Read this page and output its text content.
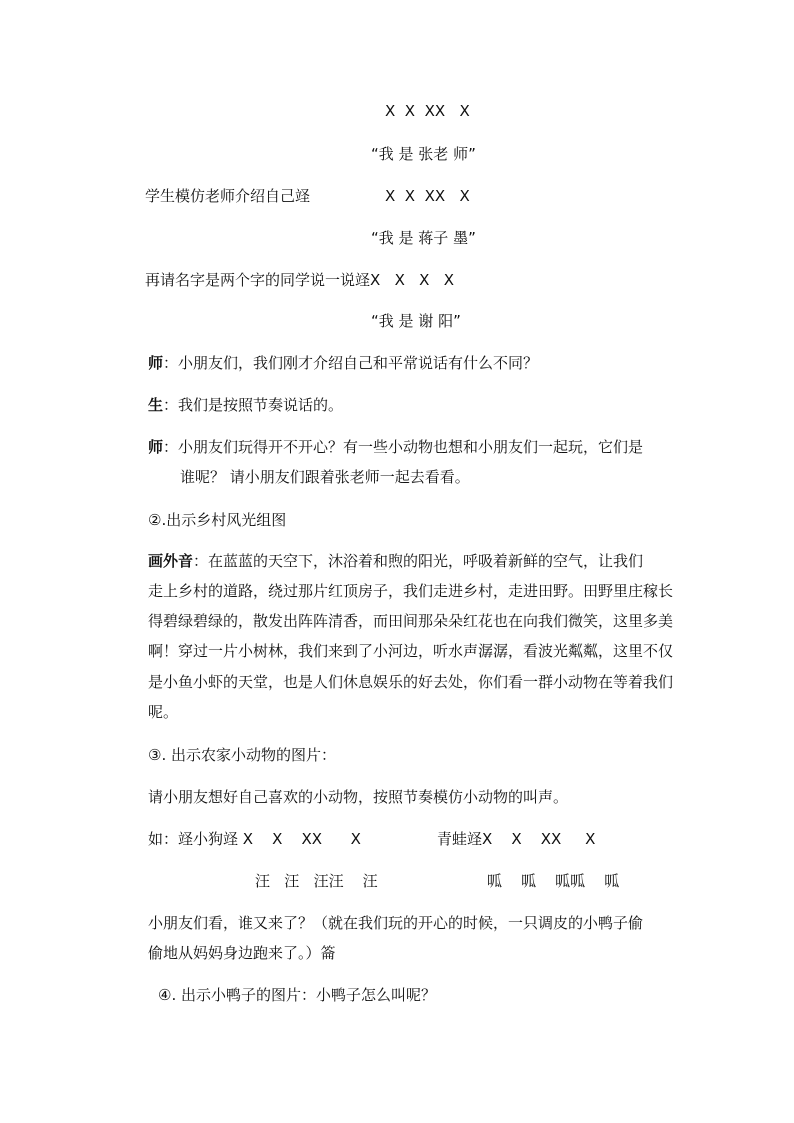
X  X  XX   X
“我 是 张老 师”
学生模仿老师介绍自己䇈	X  X  XX   X
“我 是 蒋子 墨”
再请名字是两个字的同学说一说䇈X   X   X   X
“我 是 谢 阳”
师：小朋友们，我们刚才介绍自己和平常说话有什么不同？
生：我们是按照节奏说话的。
师：小朋友们玩得开不开心？有一些小动物也想和小朋友们一起玩，它们是
谁呢？ 请小朋友们跟着张老师一起去看看。
②.出示乡村风光组图
画外音：在蓝蓝的天空下，沐浴着和煦的阳光，呼吸着新鲜的空气，让我们
走上乡村的道路，绕过那片红顶房子，我们走进乡村，走进田野。田野里庄稼长
得碧绿碧绿的，散发出阵阵清香，而田间那朵朵红花也在向我们微笑，这里多美
啊！穿过一片小树林，我们来到了小河边，听水声潺潺，看波光粼粼，这里不仅
是小鱼小虾的天堂，也是人们休息娱乐的好去处，你们看一群小动物在等着我们
呢。
③. 出示农家小动物的图片：
请小朋友想好自己喜欢的小动物，按照节奏模仿小动物的叫声。
如：䇈小狗䇈 X    X    XX      X	青蛙䇈X    X    XX     X
汪   汪   汪汪    汪	呱    呱    呱呱    呱
小朋友们看，谁又来了？（就在我们玩的开心的时候，一只调皮的小鸭子偷
偷地从妈妈身边跑来了。）䈁
④. 出示小鸭子的图片：小鸭子怎么叫呢？
